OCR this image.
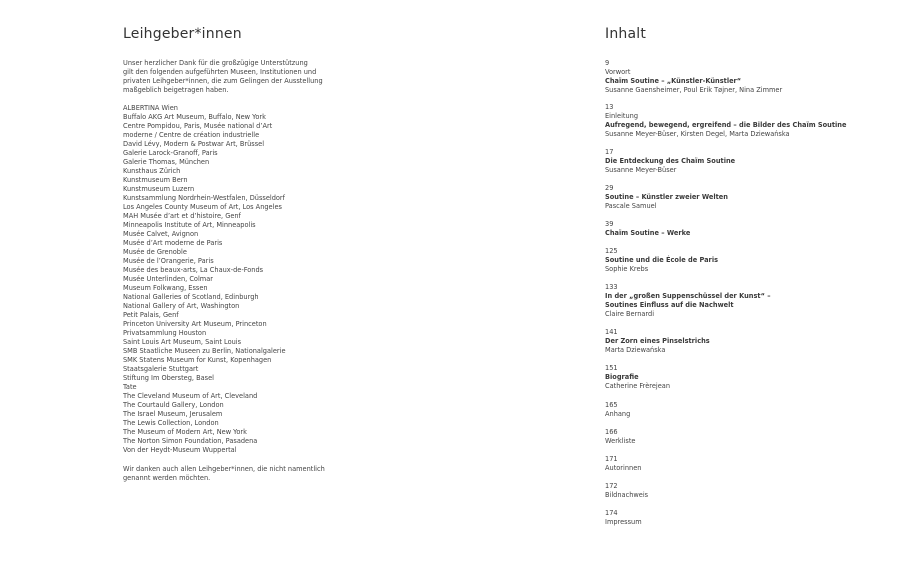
Leihgeber*innen
Unser herzlicher Dank für die großzügige Unterstützung
gilt den folgenden aufgeführten Museen, Institutionen und
privaten Leihgeber*innen, die zum Gelingen der Ausstellung
maßgeblich beigetragen haben.
ALBERTINA Wien
Buffalo AKG Art Museum, Buffalo, New York
Centre Pompidou, Paris, Musée national d’Art
moderne / Centre de création industrielle
David Lévy, Modern & Postwar Art, Brüssel
Galerie Larock-Granoff, Paris
Galerie Thomas, München
Kunsthaus Zürich
Kunstmuseum Bern
Kunstmuseum Luzern
Kunstsammlung Nordrhein-Westfalen, Düsseldorf
Los Angeles County Museum of Art, Los Angeles
MAH Musée d’art et d’histoire, Genf
Minneapolis Institute of Art, Minneapolis
Musée Calvet, Avignon
Musée d’Art moderne de Paris
Musée de Grenoble
Musée de l’Orangerie, Paris
Musée des beaux-arts, La Chaux-de-Fonds
Musée Unterlinden, Colmar
Museum Folkwang, Essen
National Galleries of Scotland, Edinburgh
National Gallery of Art, Washington
Petit Palais, Genf
Princeton University Art Museum, Princeton
Privatsammlung Houston
Saint Louis Art Museum, Saint Louis
SMB Staatliche Museen zu Berlin, Nationalgalerie
SMK Statens Museum for Kunst, Kopenhagen
Staatsgalerie Stuttgart
Stiftung Im Obersteg, Basel
Tate
The Cleveland Museum of Art, Cleveland
The Courtauld Gallery, London
The Israel Museum, Jerusalem
The Lewis Collection, London
The Museum of Modern Art, New York
The Norton Simon Foundation, Pasadena
Von der Heydt-Museum Wuppertal
Wir danken auch allen Leihgeber*innen, die nicht namentlich
genannt werden möchten.
Inhalt
9
Vorwort
Chaïm Soutine – „Künstler-Künstler“
Susanne Gaensheimer, Poul Erik Tøjner, Nina Zimmer
13
Einleitung
Aufregend, bewegend, ergreifend – die Bilder des Chaïm Soutine
Susanne Meyer-Büser, Kirsten Degel, Marta Dziewańska
17
Die Entdeckung des Chaïm Soutine
Susanne Meyer-Büser
29
Soutine – Künstler zweier Welten
Pascale Samuel
39
Chaïm Soutine – Werke
125
Soutine und die École de Paris
Sophie Krebs
133
In der „großen Suppenschüssel der Kunst“ –
Soutines Einfluss auf die Nachwelt
Claire Bernardi
141
Der Zorn eines Pinselstrichs
Marta Dziewańska
151
Biografie
Catherine Frèrejean
165
Anhang
166
Werkliste
171
Autorinnen
172
Bildnachweis
174
Impressum
